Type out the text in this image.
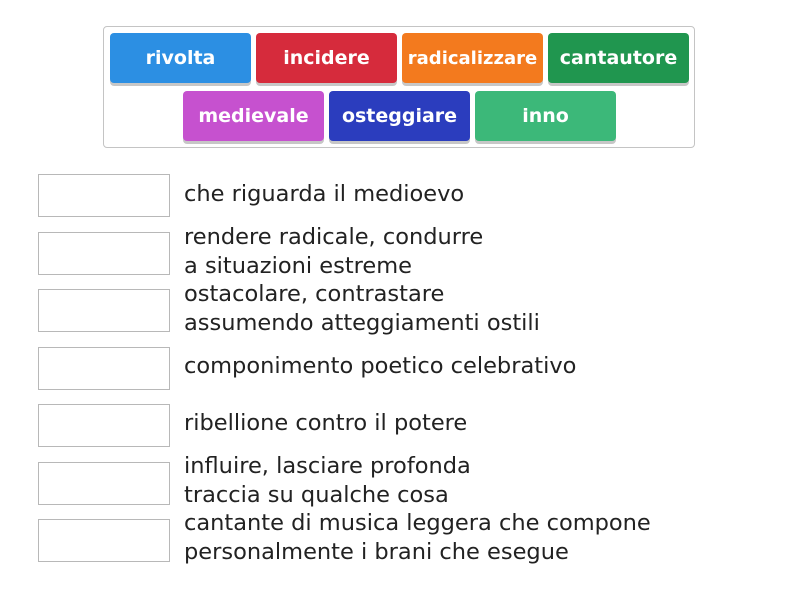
rivolta	incidere radicalizzare cantautore
medievale osteggiare	inno
che riguarda il medioevo
rendere radicale, condurre
a situazioni estreme
ostacolare, contrastare
assumendo atteggiamenti ostili
componimento poetico celebrativo
ribellione contro il potere
influire, lasciare profonda
traccia su qualche cosa
cantante di musica leggera che compone
personalmente i brani che esegue
